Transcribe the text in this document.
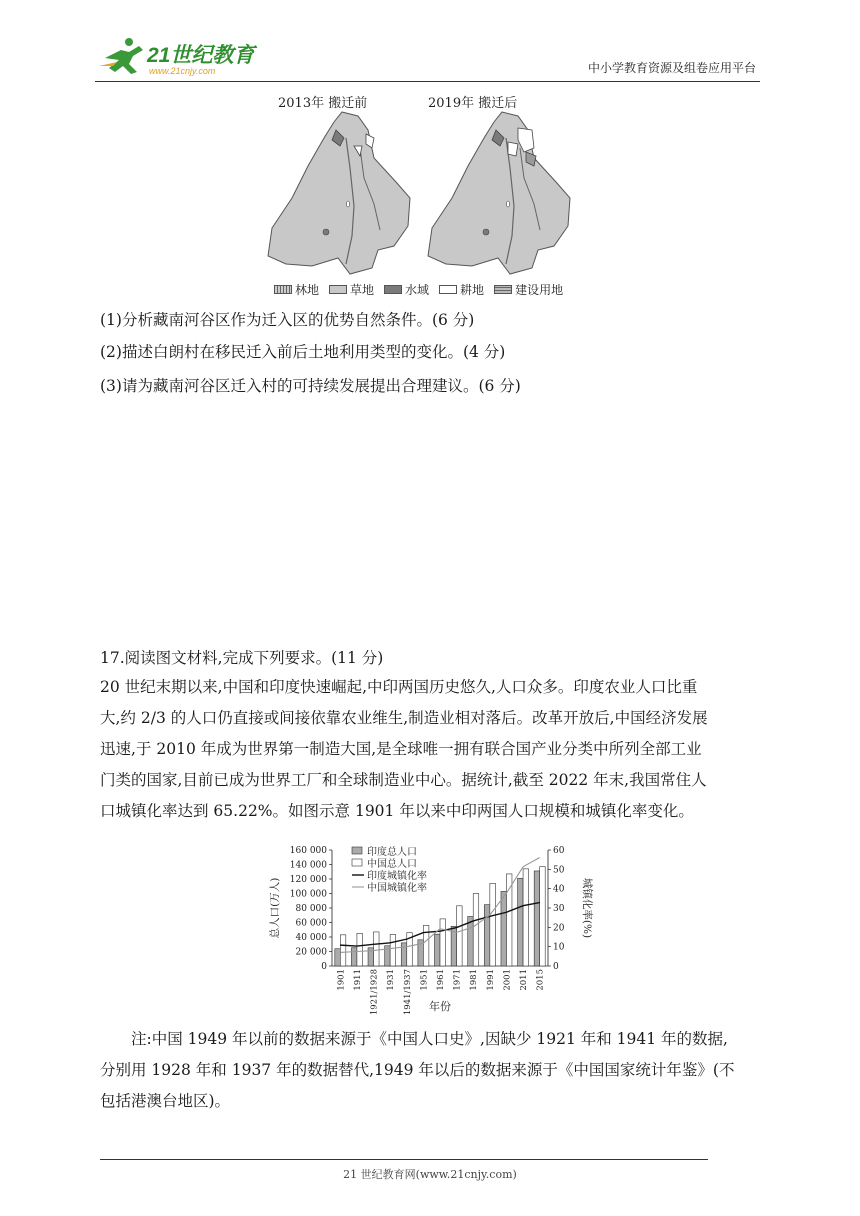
21世纪教育
www.21cnjy.com	中小学教育资源及组卷应用平台
2013年 搬迁前	2019年 搬迁后
林地	草地	水域	耕地	建设用地
(1)分析藏南河谷区作为迁入区的优势自然条件。(6 分)
(2)描述白朗村在移民迁入前后土地利用类型的变化。(4 分)
(3)请为藏南河谷区迁入村的可持续发展提出合理建议。(6 分)
17.阅读图文材料,完成下列要求。(11 分)
20 世纪末期以来,中国和印度快速崛起,中印两国历史悠久,人口众多。印度农业人口比重
大,约 2/3 的人口仍直接或间接依靠农业维生,制造业相对落后。改革开放后,中国经济发展
迅速,于 2010 年成为世界第一制造大国,是全球唯一拥有联合国产业分类中所列全部工业
门类的国家,目前已成为世界工厂和全球制造业中心。据统计,截至 2022 年末,我国常住人
口城镇化率达到 65.22%。如图示意 1901 年以来中印两国人口规模和城镇化率变化。
0
20 000
40 000
60 000
80 000
100 000
120 000
140 000
160 000
0
10
20
30
40
50
60
1901 1911 1921/1928 1931 1941/1937 1951 1961 1971 1981 1991 2001 2011 2015
总人口(万人)	城镇化率(%)
年份
印度总人口
中国总人口
印度城镇化率
中国城镇化率
注:中国 1949 年以前的数据来源于《中国人口史》,因缺少 1921 年和 1941 年的数据,
分别用 1928 年和 1937 年的数据替代,1949 年以后的数据来源于《中国国家统计年鉴》(不
包括港澳台地区)。
21 世纪教育网(www.21cnjy.com)
